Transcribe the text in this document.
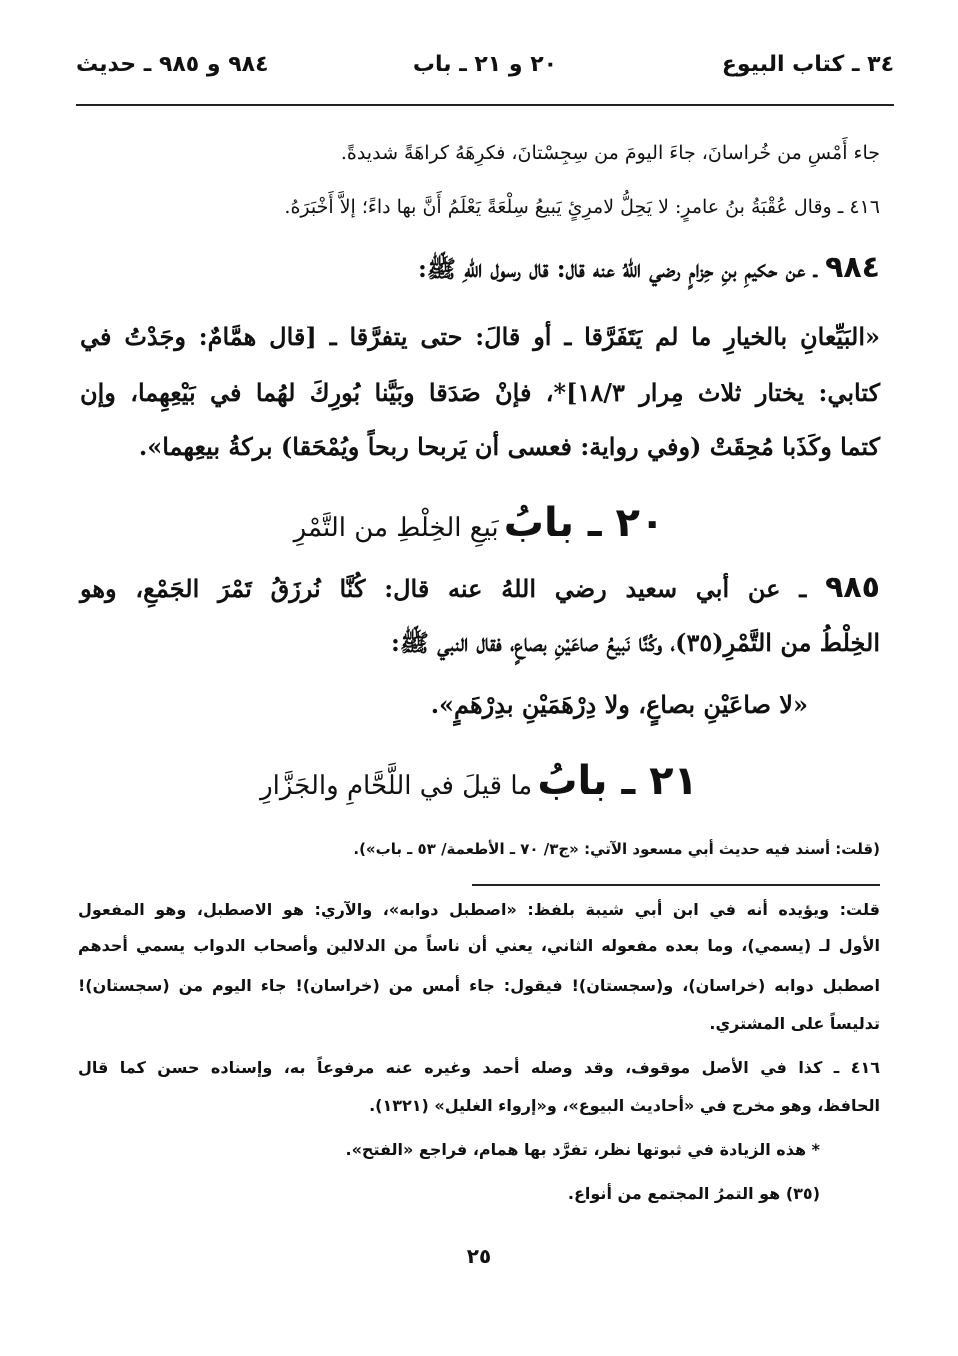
٣٤ ـ كتاب البيوع
٢٠ و ٢١ ـ باب
٩٨٤ و ٩٨٥ ـ حديث
جاء أَمْسِ من خُراسانَ، جاءَ اليومَ من سِجِسْتانَ، فكرِهَهُ كراهَةً شديدةً.
٤١٦ ـ وقال عُقْبَةُ بنُ عامرٍ: لا يَحِلُّ لامرِئٍ يَبيعُ سِلْعَةً يَعْلَمُ أَنَّ بها داءً؛ إلاَّ أَخْبَرَهُ.
٩٨٤ ـ عن حكيمِ بنِ حِزامٍ رضي اللهُ عنه قال: قال رسول اللهِ ﷺ:
«البَيِّعانِ بالخيارِ ما لم يَتَفَرَّقا ـ أو قالَ: حتى يتفرَّقا ـ [قال همَّامٌ: وجَدْتُ في
كتابي: يختار ثلاث مِرار ١٨/٣]*، فإنْ صَدَقا وبَيَّنا بُورِكَ لهُما في بَيْعِهِما، وإن
كتما وكَذَبا مُحِقَتْ (وفي رواية: فعسى أن يَربحا ربحاً ويُمْحَقا) بركةُ بيعِهما».
٢٠ ـ بابُ بَيعِ الخِلْطِ من التَّمْرِ
٩٨٥ ـ عن أبي سعيد رضي اللهُ عنه قال: كُنَّا نُرزَقُ تَمْرَ الجَمْعِ، وهو
الخِلْطُ من التَّمْرِ(٣٥)، وكُنَّا نَبيعُ صاعَيْنِ بصاعٍ، فقال النبي ﷺ:
«لا صاعَيْنِ بصاعٍ، ولا دِرْهَمَيْنِ بدِرْهَمٍ».
٢١ ـ بابُ ما قيلَ في اللَّحَّامِ والجَزَّارِ
(قلت: أسند فيه حديث أبي مسعود الآتي: «ج٣/ ٧٠ ـ الأطعمة/ ٥٣ ـ باب»).
قلت: ويؤيده أنه في ابن أبي شيبة بلفظ: «اصطبل دوابه»، والآري: هو الاصطبل، وهو المفعول
الأول لـ (يسمي)، وما بعده مفعوله الثاني، يعني أن ناساً من الدلالين وأصحاب الدواب يسمي أحدهم
اصطبل دوابه (خراسان)، و(سجستان)! فيقول: جاء أمس من (خراسان)! جاء اليوم من (سجستان)!
تدليساً على المشتري.
٤١٦ ـ كذا في الأصل موقوف، وقد وصله أحمد وغيره عنه مرفوعاً به، وإسناده حسن كما قال
الحافظ، وهو مخرج في «أحاديث البيوع»، و«إرواء الغليل» (١٣٢١).
* هذه الزيادة في ثبوتها نظر، تفرَّد بها همام، فراجع «الفتح».
(٣٥) هو التمرُ المجتمع من أنواع.
٢٥
